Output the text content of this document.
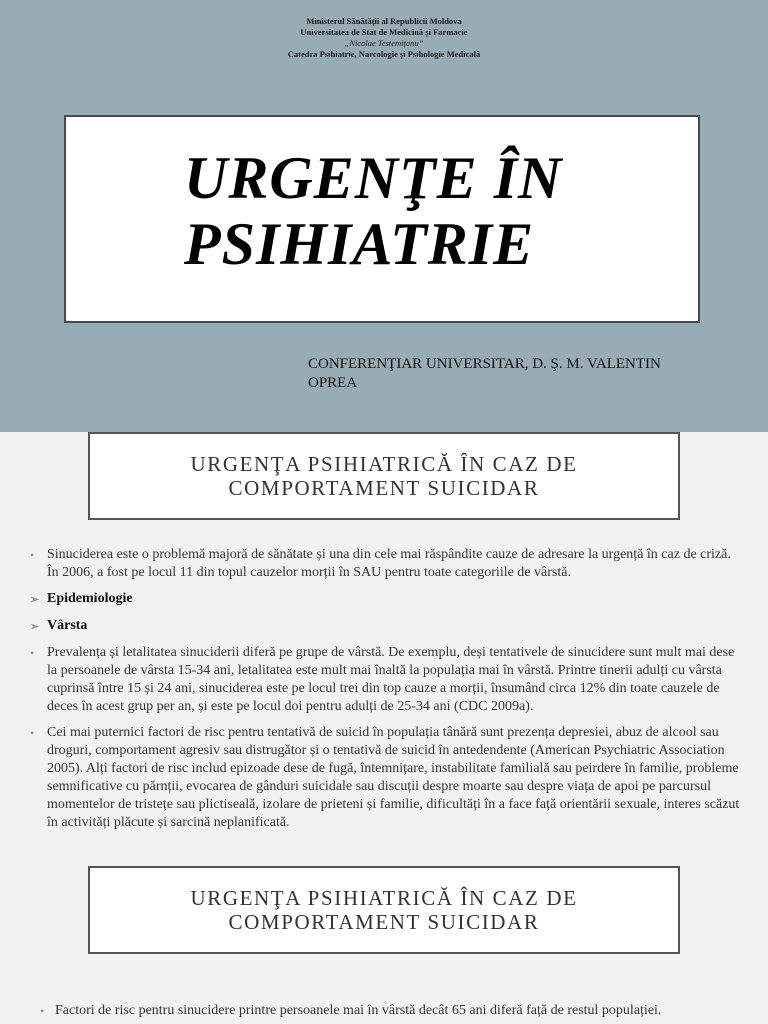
Ministerul Sănătății al Republicii Moldova
Universitatea de Stat de Medicină și Farmacie
„Nicolae Testemițanu”
Catedra Psihiatrie, Narcologie și Psihologie Medicală
URGENŢE ÎN
PSIHIATRIE
CONFERENŢIAR UNIVERSITAR, D. Ş. M. VALENTIN
OPREA
URGENŢA PSIHIATRICĂ ÎN CAZ DE
COMPORTAMENT SUICIDAR
• Sinuciderea este o problemă majoră de sănătate și una din cele mai răspândite cauze de adresare la urgență în caz de criză. În 2006, a fost pe locul 11 din topul cauzelor morții în SAU pentru toate categoriile de vârstă.
➢ Epidemiologie
➢ Vârsta
• Prevalența și letalitatea sinuciderii diferă pe grupe de vârstă. De exemplu, deși tentativele de sinucidere sunt mult mai dese la persoanele de vârsta 15-34 ani, letalitatea este mult mai înaltă la populația mai în vârstă. Printre tinerii adulți cu vârsta cuprinsă între 15 și 24 ani, sinuciderea este pe locul trei din top cauze a morții, însumând circa 12% din toate cauzele de deces în acest grup per an, și este pe locul doi pentru adulți de 25-34 ani (CDC 2009a).
• Cei mai puternici factori de risc pentru tentativă de suicid în populația tânără sunt prezența depresiei, abuz de alcool sau droguri, comportament agresiv sau distrugător și o tentativă de suicid în antedendente (American Psychiatric Association 2005). Alți factori de risc includ epizoade dese de fugă, întemnițare, instabilitate familială sau peirdere în familie, probleme semnificative cu părnții, evocarea de gânduri suicidale sau discuții despre moarte sau despre viața de apoi pe parcursul momentelor de tristețe sau plictiseală, izolare de prieteni și familie, dificultăți în a face față orientării sexuale, interes scăzut în activități plăcute și sarcină neplanificată.
URGENŢA PSIHIATRICĂ ÎN CAZ DE
COMPORTAMENT SUICIDAR
• Factori de risc pentru sinucidere printre persoanele mai în vârstă decât 65 ani diferă față de restul populației.
